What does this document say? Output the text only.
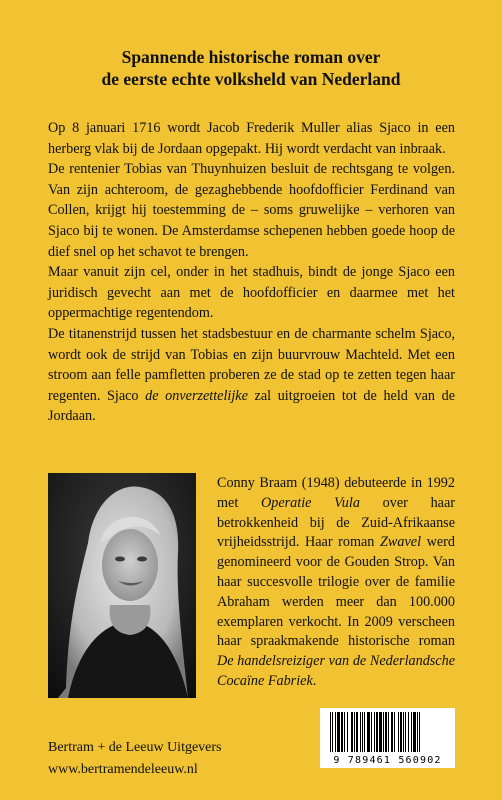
Spannende historische roman over
de eerste echte volksheld van Nederland

Op 8 januari 1716 wordt Jacob Frederik Muller alias Sjaco in een herberg vlak bij de Jordaan opgepakt. Hij wordt verdacht van inbraak.

De rentenier Tobias van Thuynhuizen besluit de rechtsgang te volgen. Van zijn achteroom, de gezaghebbende hoofdofficier Ferdinand van Collen, krijgt hij toestemming de – soms gruwelijke – verhoren van Sjaco bij te wonen. De Amsterdamse schepenen hebben goede hoop de dief snel op het schavot te brengen.

Maar vanuit zijn cel, onder in het stadhuis, bindt de jonge Sjaco een juridisch gevecht aan met de hoofdofficier en daarmee met het oppermachtige regentendom.

De titanenstrijd tussen het stadsbestuur en de charmante schelm Sjaco, wordt ook de strijd van Tobias en zijn buurvrouw Machteld. Met een stroom aan felle pamfletten proberen ze de stad op te zetten tegen haar regenten. Sjaco de onverzettelijke zal uitgroeien tot de held van de Jordaan.

Conny Braam (1948) debuteerde in 1992 met Operatie Vula over haar betrokkenheid bij de Zuid-Afrikaanse vrijheidsstrijd. Haar roman Zwavel werd genomineerd voor de Gouden Strop. Van haar succesvolle trilogie over de familie Abraham werden meer dan 100.000 exemplaren verkocht. In 2009 verscheen haar spraakmakende historische roman De handelsreiziger van de Nederlandsche Cocaïne Fabriek.

Bertram + de Leeuw Uitgevers
www.bertramendeleeuw.nl
9 789461 560902
